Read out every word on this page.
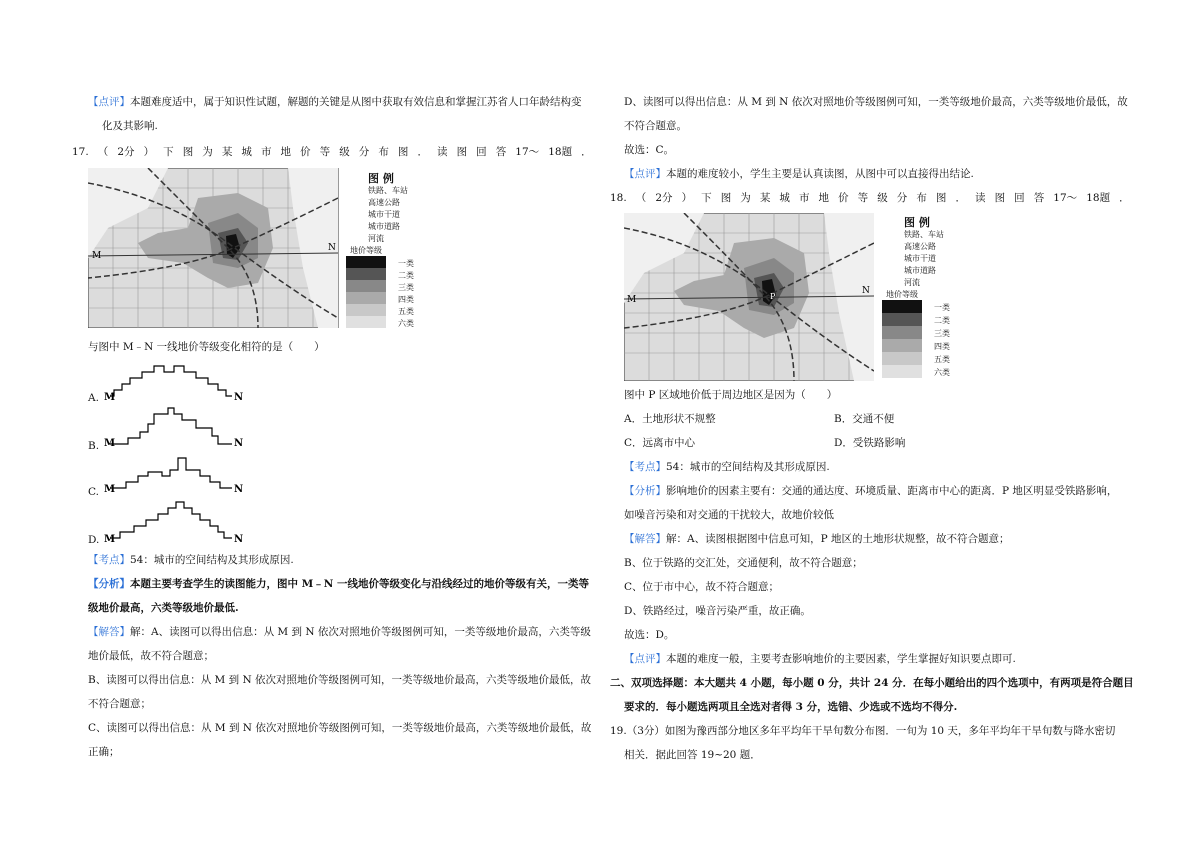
【点评】本题难度适中，属于知识性试题，解题的关键是从图中获取有效信息和掌握江苏省人口年龄结构变
化及其影响.
17. （ 2分 ） 下 图 为 某 城 市 地 价 等 级 分 布 图 ． 读 图 回 答 17～ 18题 ．
M
N
图 例
铁路、车站
高速公路
城市干道
城市道路
河流
地价等级
一类
二类
三类
四类
五类
六类
与图中 M﹣N 一线地价等级变化相符的是（　　）
A. M	N
B. M	N
C. M	N
D. M	N
【考点】54：城市的空间结构及其形成原因.
【分析】本题主要考查学生的读图能力，图中 M﹣N 一线地价等级变化与沿线经过的地价等级有关，一类等
级地价最高，六类等级地价最低.
【解答】解：A、读图可以得出信息：从 M 到 N 依次对照地价等级图例可知，一类等级地价最高，六类等级
地价最低，故不符合题意；
B、读图可以得出信息：从 M 到 N 依次对照地价等级图例可知，一类等级地价最高，六类等级地价最低，故
不符合题意；
C、读图可以得出信息：从 M 到 N 依次对照地价等级图例可知，一类等级地价最高，六类等级地价最低，故
正确；
D、读图可以得出信息：从 M 到 N 依次对照地价等级图例可知，一类等级地价最高，六类等级地价最低，故
不符合题意。
故选：C。
【点评】本题的难度较小，学生主要是认真读图，从图中可以直接得出结论.
18. （ 2分 ） 下 图 为 某 城 市 地 价 等 级 分 布 图 ． 读 图 回 答 17～ 18题 ．
M
N
P
图 例
铁路、车站
高速公路
城市干道
城市道路
河流
地价等级
一类
二类
三类
四类
五类
六类
图中 P 区域地价低于周边地区是因为（　　）
A．土地形状不规整	B．交通不便
C．远离市中心	D．受铁路影响
【考点】54：城市的空间结构及其形成原因.
【分析】影响地价的因素主要有：交通的通达度、环境质量、距离市中心的距离．P 地区明显受铁路影响，
如噪音污染和对交通的干扰较大，故地价较低
【解答】解：A、读图根据图中信息可知，P 地区的土地形状规整，故不符合题意；
B、位于铁路的交汇处，交通便利，故不符合题意；
C、位于市中心，故不符合题意；
D、铁路经过，噪音污染严重，故正确。
故选：D。
【点评】本题的难度一般，主要考查影响地价的主要因素，学生掌握好知识要点即可.
二、双项选择题：本大题共 4 小题，每小题 0 分，共计 24 分．在每小题给出的四个选项中，有两项是符合题目
要求的．每小题选两项且全选对者得 3 分，选错、少选或不选均不得分.
19.（3分）如图为豫西部分地区多年平均年干旱旬数分布图．一旬为 10 天，多年平均年干旱旬数与降水密切
相关．据此回答 19~20 题．
